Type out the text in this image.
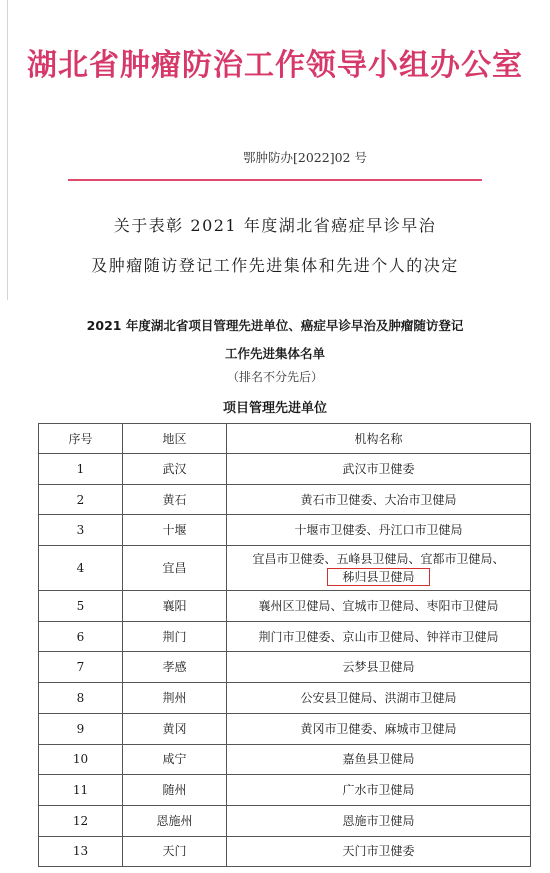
湖北省肿瘤防治工作领导小组办公室
鄂肿防办[2022]02 号
关于表彰 2021 年度湖北省癌症早诊早治
及肿瘤随访登记工作先进集体和先进个人的决定
2021 年度湖北省项目管理先进单位、癌症早诊早治及肿瘤随访登记
工作先进集体名单
（排名不分先后）
项目管理先进单位
序号	地区	机构名称
1	武汉	武汉市卫健委
2	黄石	黄石市卫健委、大冶市卫健局
3	十堰	十堰市卫健委、丹江口市卫健局
4	宜昌	宜昌市卫健委、五峰县卫健局、宜都市卫健局、
秭归县卫健局
5	襄阳	襄州区卫健局、宜城市卫健局、枣阳市卫健局
6	荆门	荆门市卫健委、京山市卫健局、钟祥市卫健局
7	孝感	云梦县卫健局
8	荆州	公安县卫健局、洪湖市卫健局
9	黄冈	黄冈市卫健委、麻城市卫健局
10	咸宁	嘉鱼县卫健局
11	随州	广水市卫健局
12	恩施州	恩施市卫健局
13	天门	天门市卫健委
